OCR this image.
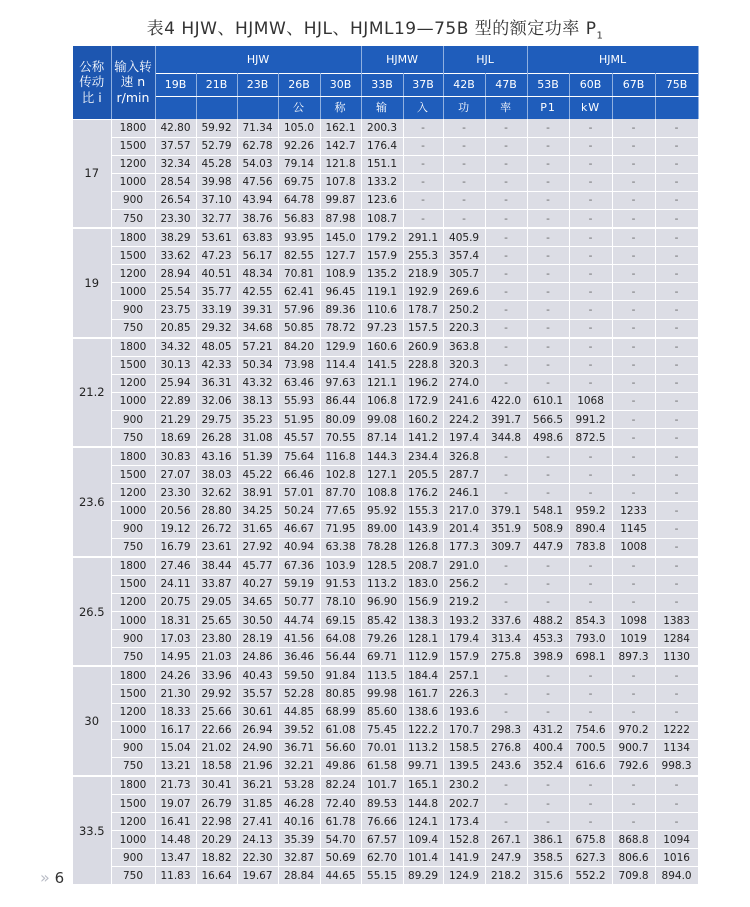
表4 HJW、HJMW、HJL、HJML19—75B 型的额定功率 $P_1$
公称
传动
比 i	输入转
速 n
r/min	HJW					HJMW		HJL		HJML			
		19B	21B	23B	26B	30B	33B	37B	42B	47B	53B	60B	67B	75B
					公	称	输	入	功	率	P1	kW		
17	1800	42.80	59.92	71.34	105.0	162.1	200.3	-	-	-	-	-	-	-
	1500	37.57	52.79	62.78	92.26	142.7	176.4	-	-	-	-	-	-	-
	1200	32.34	45.28	54.03	79.14	121.8	151.1	-	-	-	-	-	-	-
	1000	28.54	39.98	47.56	69.75	107.8	133.2	-	-	-	-	-	-	-
	900	26.54	37.10	43.94	64.78	99.87	123.6	-	-	-	-	-	-	-
	750	23.30	32.77	38.76	56.83	87.98	108.7	-	-	-	-	-	-	-
19	1800	38.29	53.61	63.83	93.95	145.0	179.2	291.1	405.9	-	-	-	-	-
	1500	33.62	47.23	56.17	82.55	127.7	157.9	255.3	357.4	-	-	-	-	-
	1200	28.94	40.51	48.34	70.81	108.9	135.2	218.9	305.7	-	-	-	-	-
	1000	25.54	35.77	42.55	62.41	96.45	119.1	192.9	269.6	-	-	-	-	-
	900	23.75	33.19	39.31	57.96	89.36	110.6	178.7	250.2	-	-	-	-	-
	750	20.85	29.32	34.68	50.85	78.72	97.23	157.5	220.3	-	-	-	-	-
21.2	1800	34.32	48.05	57.21	84.20	129.9	160.6	260.9	363.8	-	-	-	-	-
	1500	30.13	42.33	50.34	73.98	114.4	141.5	228.8	320.3	-	-	-	-	-
	1200	25.94	36.31	43.32	63.46	97.63	121.1	196.2	274.0	-	-	-	-	-
	1000	22.89	32.06	38.13	55.93	86.44	106.8	172.9	241.6	422.0	610.1	1068	-	-
	900	21.29	29.75	35.23	51.95	80.09	99.08	160.2	224.2	391.7	566.5	991.2	-	-
	750	18.69	26.28	31.08	45.57	70.55	87.14	141.2	197.4	344.8	498.6	872.5	-	-
23.6	1800	30.83	43.16	51.39	75.64	116.8	144.3	234.4	326.8	-	-	-	-	-
	1500	27.07	38.03	45.22	66.46	102.8	127.1	205.5	287.7	-	-	-	-	-
	1200	23.30	32.62	38.91	57.01	87.70	108.8	176.2	246.1	-	-	-	-	-
	1000	20.56	28.80	34.25	50.24	77.65	95.92	155.3	217.0	379.1	548.1	959.2	1233	-
	900	19.12	26.72	31.65	46.67	71.95	89.00	143.9	201.4	351.9	508.9	890.4	1145	-
	750	16.79	23.61	27.92	40.94	63.38	78.28	126.8	177.3	309.7	447.9	783.8	1008	-
26.5	1800	27.46	38.44	45.77	67.36	103.9	128.5	208.7	291.0	-	-	-	-	-
	1500	24.11	33.87	40.27	59.19	91.53	113.2	183.0	256.2	-	-	-	-	-
	1200	20.75	29.05	34.65	50.77	78.10	96.90	156.9	219.2	-	-	-	-	-
	1000	18.31	25.65	30.50	44.74	69.15	85.42	138.3	193.2	337.6	488.2	854.3	1098	1383
	900	17.03	23.80	28.19	41.56	64.08	79.26	128.1	179.4	313.4	453.3	793.0	1019	1284
	750	14.95	21.03	24.86	36.46	56.44	69.71	112.9	157.9	275.8	398.9	698.1	897.3	1130
30	1800	24.26	33.96	40.43	59.50	91.84	113.5	184.4	257.1	-	-	-	-	-
	1500	21.30	29.92	35.57	52.28	80.85	99.98	161.7	226.3	-	-	-	-	-
	1200	18.33	25.66	30.61	44.85	68.99	85.60	138.6	193.6	-	-	-	-	-
	1000	16.17	22.66	26.94	39.52	61.08	75.45	122.2	170.7	298.3	431.2	754.6	970.2	1222
	900	15.04	21.02	24.90	36.71	56.60	70.01	113.2	158.5	276.8	400.4	700.5	900.7	1134
	750	13.21	18.58	21.96	32.21	49.86	61.58	99.71	139.5	243.6	352.4	616.6	792.6	998.3
33.5	1800	21.73	30.41	36.21	53.28	82.24	101.7	165.1	230.2	-	-	-	-	-
	1500	19.07	26.79	31.85	46.28	72.40	89.53	144.8	202.7	-	-	-	-	-
	1200	16.41	22.98	27.41	40.16	61.78	76.66	124.1	173.4	-	-	-	-	-
	1000	14.48	20.29	24.13	35.39	54.70	67.57	109.4	152.8	267.1	386.1	675.8	868.8	1094
	900	13.47	18.82	22.30	32.87	50.69	62.70	101.4	141.9	247.9	358.5	627.3	806.6	1016
	750	11.83	16.64	19.67	28.84	44.65	55.15	89.29	124.9	218.2	315.6	552.2	709.8	894.0
» 6
